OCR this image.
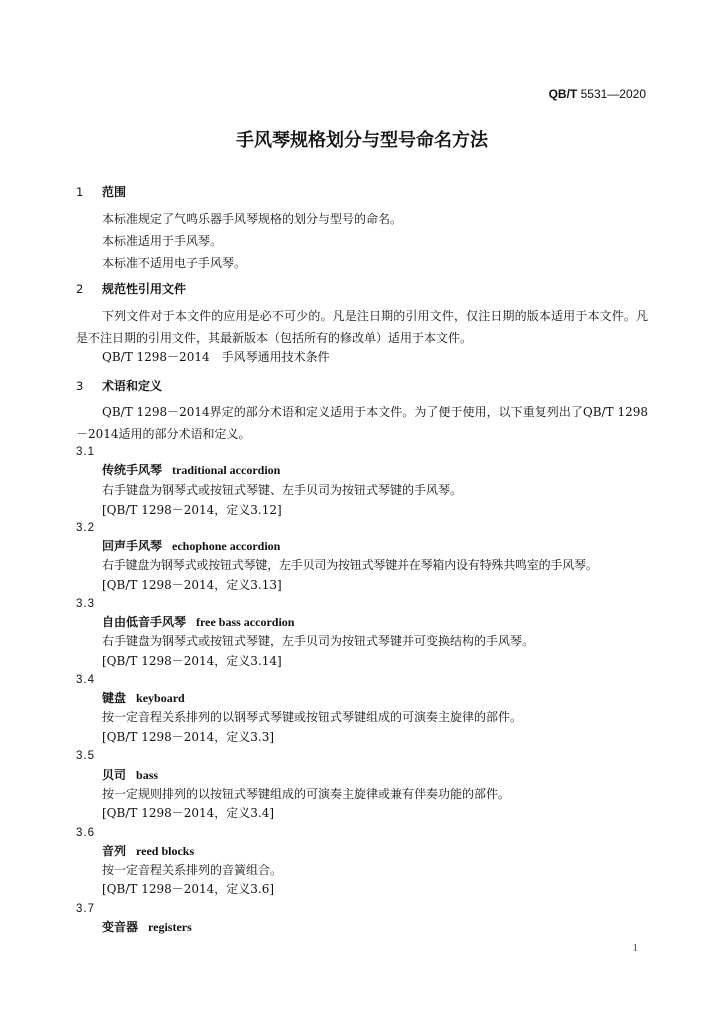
QB/T 5531—2020
手风琴规格划分与型号命名方法
1 范围
本标准规定了气鸣乐器手风琴规格的划分与型号的命名。
本标准适用于手风琴。
本标准不适用电子手风琴。
2 规范性引用文件
下列文件对于本文件的应用是必不可少的。凡是注日期的引用文件，仅注日期的版本适用于本文件。凡是不注日期的引用文件，其最新版本（包括所有的修改单）适用于本文件。
QB/T 1298－2014　手风琴通用技术条件
3 术语和定义
QB/T 1298－2014界定的部分术语和定义适用于本文件。为了便于使用，以下重复列出了QB/T 1298－2014适用的部分术语和定义。
3.1
传统手风琴 traditional accordion
右手键盘为钢琴式或按钮式琴键、左手贝司为按钮式琴键的手风琴。
[QB/T 1298－2014，定义3.12]
3.2
回声手风琴 echophone accordion
右手键盘为钢琴式或按钮式琴键，左手贝司为按钮式琴键并在琴箱内设有特殊共鸣室的手风琴。
[QB/T 1298－2014，定义3.13]
3.3
自由低音手风琴 free bass accordion
右手键盘为钢琴式或按钮式琴键，左手贝司为按钮式琴键并可变换结构的手风琴。
[QB/T 1298－2014，定义3.14]
3.4
键盘 keyboard
按一定音程关系排列的以钢琴式琴键或按钮式琴键组成的可演奏主旋律的部件。
[QB/T 1298－2014，定义3.3]
3.5
贝司 bass
按一定规则排列的以按钮式琴键组成的可演奏主旋律或兼有伴奏功能的部件。
[QB/T 1298－2014，定义3.4]
3.6
音列 reed blocks
按一定音程关系排列的音簧组合。
[QB/T 1298－2014，定义3.6]
3.7
变音器 registers
1
